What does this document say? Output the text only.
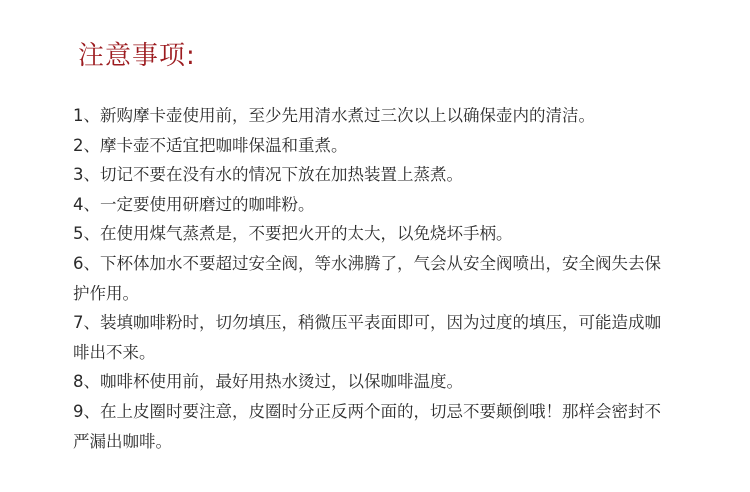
注意事项:
1、新购摩卡壶使用前，至少先用清水煮过三次以上以确保壶内的清洁。
2、摩卡壶不适宜把咖啡保温和重煮。
3、切记不要在没有水的情况下放在加热装置上蒸煮。
4、一定要使用研磨过的咖啡粉。
5、在使用煤气蒸煮是，不要把火开的太大，以免烧坏手柄。
6、下杯体加水不要超过安全阀，等水沸腾了，气会从安全阀喷出，安全阀失去保护作用。
7、装填咖啡粉时，切勿填压，稍微压平表面即可，因为过度的填压，可能造成咖啡出不来。
8、咖啡杯使用前，最好用热水烫过，以保咖啡温度。
9、在上皮圈时要注意，皮圈时分正反两个面的，切忌不要颠倒哦！那样会密封不严漏出咖啡。
